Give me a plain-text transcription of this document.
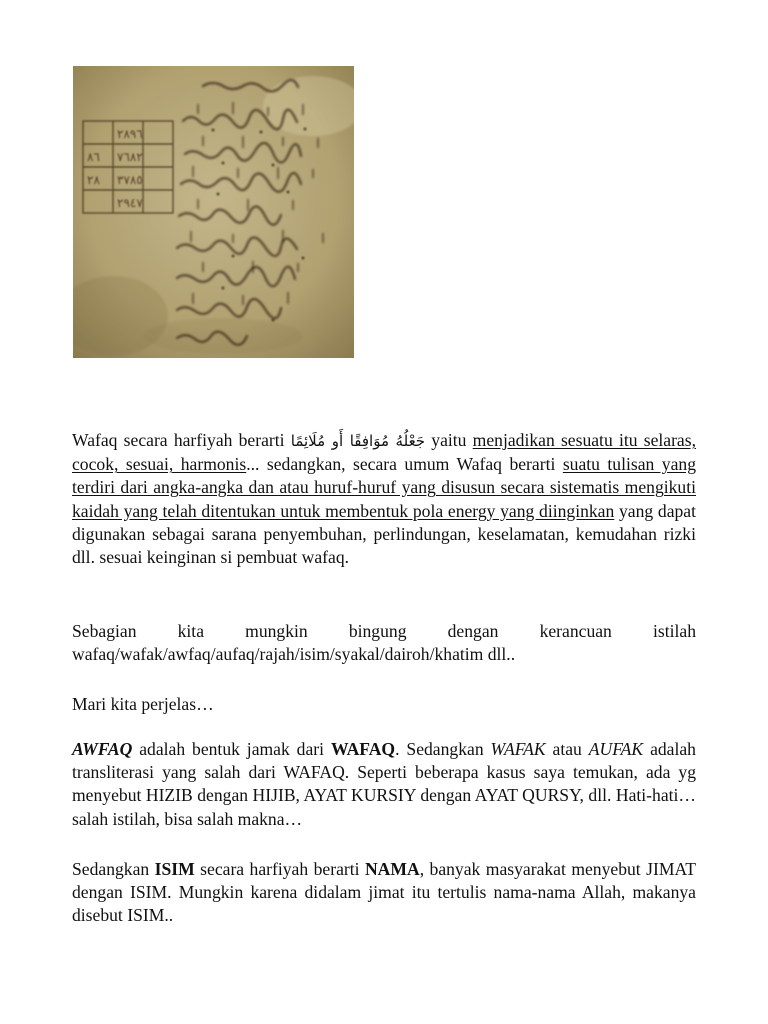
٢٨٩٦
٧٦٨٢
٣٧٨٥
٢٩٤٧
٨٦
٢٨
Wafaq secara harfiyah berarti جَعْلُهُ مُوَافِقًا أَو مُلَائِمًا yaitu menjadikan sesuatu itu selaras, cocok, sesuai, harmonis... sedangkan, secara umum Wafaq berarti suatu tulisan yang terdiri dari angka-angka dan atau huruf-huruf yang disusun secara sistematis mengikuti kaidah yang telah ditentukan untuk membentuk pola energy yang diinginkan yang dapat digunakan sebagai sarana penyembuhan, perlindungan, keselamatan, kemudahan rizki dll. sesuai keinginan si pembuat wafaq.
Sebagian kita mungkin bingung dengan kerancuan istilah wafaq/wafak/awfaq/aufaq/rajah/isim/syakal/dairoh/khatim dll..
Mari kita perjelas…
AWFAQ adalah bentuk jamak dari WAFAQ. Sedangkan WAFAK atau AUFAK adalah transliterasi yang salah dari WAFAQ. Seperti beberapa kasus saya temukan, ada yg menyebut HIZIB dengan HIJIB, AYAT KURSIY dengan AYAT QURSY, dll. Hati-hati… salah istilah, bisa salah makna…
Sedangkan ISIM secara harfiyah berarti NAMA, banyak masyarakat menyebut JIMAT dengan ISIM. Mungkin karena didalam jimat itu tertulis nama-nama Allah, makanya disebut ISIM..
